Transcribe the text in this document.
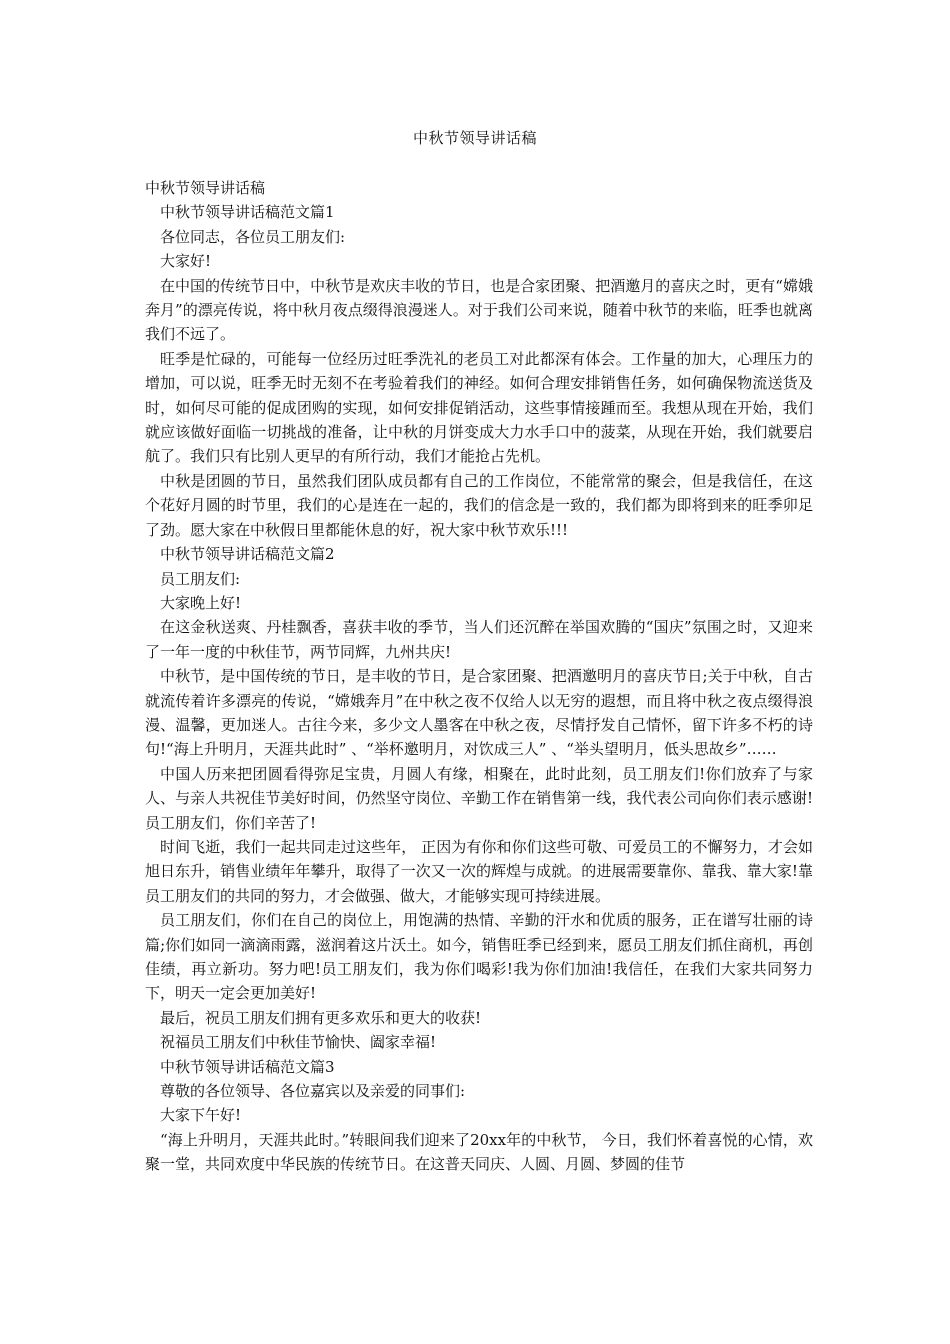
中秋节领导讲话稿

中秋节领导讲话稿

中秋节领导讲话稿范文篇1

各位同志，各位员工朋友们:

大家好!

在中国的传统节日中，中秋节是欢庆丰收的节日，也是合家团聚、把酒邀月的喜庆之时，更有“嫦娥奔月”的漂亮传说，将中秋月夜点缀得浪漫迷人。对于我们公司来说，随着中秋节的来临，旺季也就离我们不远了。

旺季是忙碌的，可能每一位经历过旺季洗礼的老员工对此都深有体会。工作量的加大，心理压力的增加，可以说，旺季无时无刻不在考验着我们的神经。如何合理安排销售任务，如何确保物流送货及时，如何尽可能的促成团购的实现，如何安排促销活动，这些事情接踵而至。我想从现在开始，我们就应该做好面临一切挑战的准备，让中秋的月饼变成大力水手口中的菠菜，从现在开始，我们就要启航了。我们只有比别人更早的有所行动，我们才能抢占先机。

中秋是团圆的节日，虽然我们团队成员都有自己的工作岗位，不能常常的聚会，但是我信任，在这个花好月圆的时节里，我们的心是连在一起的，我们的信念是一致的，我们都为即将到来的旺季卯足了劲。愿大家在中秋假日里都能休息的好，祝大家中秋节欢乐!!!

中秋节领导讲话稿范文篇2

员工朋友们:

大家晚上好!

在这金秋送爽、丹桂飘香，喜获丰收的季节，当人们还沉醉在举国欢腾的“国庆”氛围之时，又迎来了一年一度的中秋佳节，两节同辉，九州共庆!

中秋节，是中国传统的节日，是丰收的节日，是合家团聚、把酒邀明月的喜庆节日;关于中秋，自古就流传着许多漂亮的传说，“嫦娥奔月”在中秋之夜不仅给人以无穷的遐想，而且将中秋之夜点缀得浪漫、温馨，更加迷人。古往今来，多少文人墨客在中秋之夜，尽情抒发自己情怀，留下许多不朽的诗句!“海上升明月，天涯共此时” 、“举杯邀明月，对饮成三人” 、“举头望明月，低头思故乡”……

中国人历来把团圆看得弥足宝贵，月圆人有缘，相聚在，此时此刻，员工朋友们!你们放弃了与家人、与亲人共祝佳节美好时间，仍然坚守岗位、辛勤工作在销售第一线，我代表公司向你们表示感谢!员工朋友们，你们辛苦了!

时间飞逝，我们一起共同走过这些年， 正因为有你和你们这些可敬、可爱员工的不懈努力，才会如旭日东升，销售业绩年年攀升，取得了一次又一次的辉煌与成就。的进展需要靠你、靠我、靠大家!靠员工朋友们的共同的努力，才会做强、做大，才能够实现可持续进展。

员工朋友们，你们在自己的岗位上，用饱满的热情、辛勤的汗水和优质的服务，正在谱写壮丽的诗篇;你们如同一滴滴雨露，滋润着这片沃土。如今，销售旺季已经到来，愿员工朋友们抓住商机，再创佳绩，再立新功。努力吧!员工朋友们，我为你们喝彩!我为你们加油!我信任，在我们大家共同努力下，明天一定会更加美好!

最后，祝员工朋友们拥有更多欢乐和更大的收获!

祝福员工朋友们中秋佳节愉快、阖家幸福!

中秋节领导讲话稿范文篇3

尊敬的各位领导、各位嘉宾以及亲爱的同事们:

大家下午好!

“海上升明月，天涯共此时。”转眼间我们迎来了20xx年的中秋节， 今日，我们怀着喜悦的心情，欢聚一堂，共同欢度中华民族的传统节日。在这普天同庆、人圆、月圆、梦圆的佳节
